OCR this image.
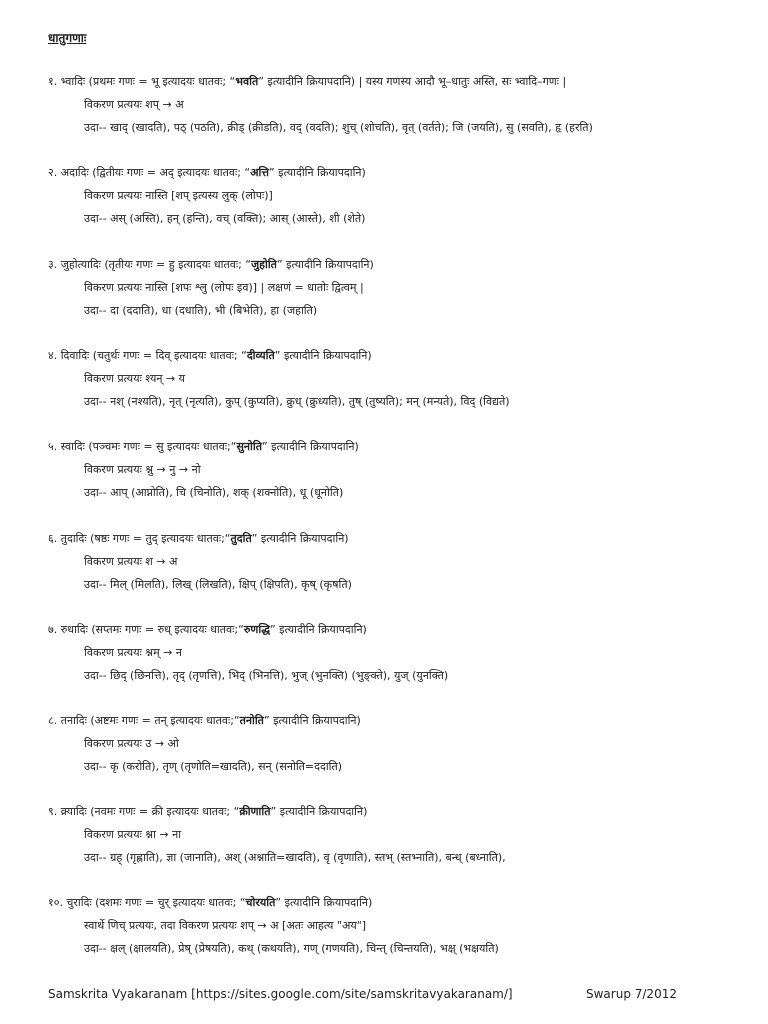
धातुगणाः
१. भ्वादिः (प्रथमः गणः = भू इत्यादयः धातवः; “भवति” इत्यादीनि क्रियापदानि) | यस्य गणस्य आदौ भू–धातुः अस्ति, सः भ्वादि–गणः |
विकरण प्रत्ययः शप् → अ
उदा-- खाद् (खादति), पठ् (पठति), क्रीड् (क्रीडति), वद् (वदति); शुच् (शोचति), वृत् (वर्तते); जि (जयति), सु (सवति), हृ (हरति)
२. अदादिः (द्वितीयः गणः = अद् इत्यादयः धातवः; “अत्ति” इत्यादीनि क्रियापदानि)
विकरण प्रत्ययः नास्ति [शप् इत्यस्य लुक् (लोपः)]
उदा-- अस् (अस्ति), हन् (हन्ति), वच् (वक्ति); आस् (आस्ते), शी (शेते)
३. जुहोत्यादिः (तृतीयः गणः = हु इत्यादयः धातवः; “जुहोति” इत्यादीनि क्रियापदानि)
विकरण प्रत्ययः नास्ति [शपः श्लु (लोपः इव)] | लक्षणं = धातोः द्वित्वम् |
उदा-- दा (ददाति), धा (दधाति), भी (बिभेति), हा (जहाति)
४. दिवादिः (चतुर्थः गणः = दिव् इत्यादयः धातवः; “दीव्यति” इत्यादीनि क्रियापदानि)
विकरण प्रत्ययः श्यन् → य
उदा-- नश् (नश्यति), नृत् (नृत्यति), कुप् (कुप्यति), क्रुध् (क्रुध्यति), तुष् (तुष्यति); मन् (मन्यते), विद् (विद्यते)
५. स्वादिः (पञ्चमः गणः = सु इत्यादयः धातवः;“सुनोति” इत्यादीनि क्रियापदानि)
विकरण प्रत्ययः श्नु → नु → नो
उदा-- आप् (आप्नोति), चि (चिनोति), शक् (शक्नोति), धू (धूनोति)
६. तुदादिः (षष्ठः गणः = तुद् इत्यादयः धातवः;“तुदति” इत्यादीनि क्रियापदानि)
विकरण प्रत्ययः श → अ
उदा-- मिल् (मिलति), लिख् (लिखति), क्षिप् (क्षिपति), कृष् (कृषति)
७. रुधादिः (सप्तमः गणः = रुध् इत्यादयः धातवः;“रुणद्धि” इत्यादीनि क्रियापदानि)
विकरण प्रत्ययः श्नम् → न
उदा-- छिद् (छिनत्ति), तृद् (तृणत्ति), भिद् (भिनत्ति), भुज् (भुनक्ति) (भुङ्क्ते), युज् (युनक्ति)
८. तनादिः (अष्टमः गणः = तन् इत्यादयः धातवः;“तनोति” इत्यादीनि क्रियापदानि)
विकरण प्रत्ययः उ → ओ
उदा-- कृ (करोति), तृण् (तृणोति=खादति), सन् (सनोति=ददाति)
९. क्र्यादिः (नवमः गणः = क्री इत्यादयः धातवः; “क्रीणाति” इत्यादीनि क्रियापदानि)
विकरण प्रत्ययः श्ना → ना
उदा-- ग्रह् (गृह्णाति), ज्ञा (जानाति), अश् (अश्नाति=खादति), वृ (वृणाति), स्तभ् (स्तभ्नाति), बन्ध् (बध्नाति),
१०. चुरादिः (दशमः गणः = चुर् इत्यादयः धातवः; “चोरयति” इत्यादीनि क्रियापदानि)
स्वार्थे णिच् प्रत्ययः, तदा विकरण प्रत्ययः शप् → अ [अतः आहत्य "अय"]
उदा-- क्षल् (क्षालयति), प्रेष् (प्रेषयति), कथ् (कथयति), गण् (गणयति), चिन्त् (चिन्तयति), भक्ष् (भक्षयति)
Samskrita Vyakaranam [https://sites.google.com/site/samskritavyakaranam/]	Swarup 7/2012
